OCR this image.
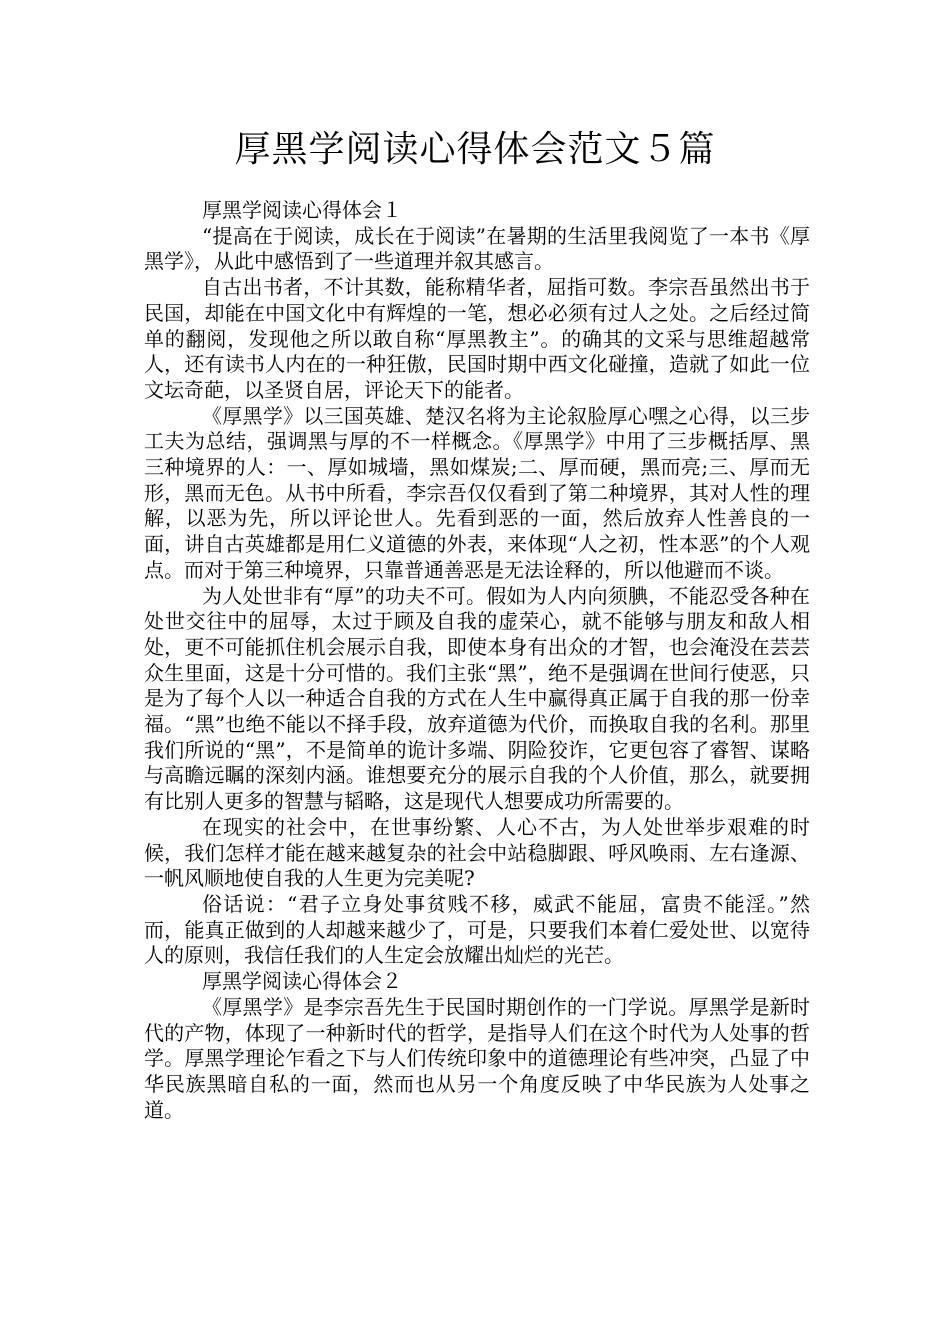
厚黑学阅读心得体会范文５篇

厚黑学阅读心得体会１

“提高在于阅读，成长在于阅读”在暑期的生活里我阅览了一本书《厚黑学》，从此中感悟到了一些道理并叙其感言。

自古出书者，不计其数，能称精华者，屈指可数。李宗吾虽然出书于民国，却能在中国文化中有辉煌的一笔，想必必须有过人之处。之后经过简单的翻阅，发现他之所以敢自称“厚黑教主”。的确其的文采与思维超越常人，还有读书人内在的一种狂傲，民国时期中西文化碰撞，造就了如此一位文坛奇葩，以圣贤自居，评论天下的能者。

《厚黑学》以三国英雄、楚汉名将为主论叙脸厚心嘿之心得，以三步工夫为总结，强调黑与厚的不一样概念。《厚黑学》中用了三步概括厚、黑三种境界的人：一、厚如城墙，黑如煤炭;二、厚而硬，黑而亮;三、厚而无形，黑而无色。从书中所看，李宗吾仅仅看到了第二种境界，其对人性的理解，以恶为先，所以评论世人。先看到恶的一面，然后放弃人性善良的一面，讲自古英雄都是用仁义道德的外表，来体现“人之初，性本恶”的个人观点。而对于第三种境界，只靠普通善恶是无法诠释的，所以他避而不谈。

为人处世非有“厚”的功夫不可。假如为人内向须腆，不能忍受各种在处世交往中的屈辱，太过于顾及自我的虚荣心，就不能够与朋友和敌人相处，更不可能抓住机会展示自我，即使本身有出众的才智，也会淹没在芸芸众生里面，这是十分可惜的。我们主张“黑”，绝不是强调在世间行使恶，只是为了每个人以一种适合自我的方式在人生中赢得真正属于自我的那一份幸福。“黑”也绝不能以不择手段，放弃道德为代价，而换取自我的名利。那里我们所说的“黑”，不是简单的诡计多端、阴险狡诈，它更包容了睿智、谋略与高瞻远瞩的深刻内涵。谁想要充分的展示自我的个人价值，那么，就要拥有比别人更多的智慧与韬略，这是现代人想要成功所需要的。

在现实的社会中，在世事纷繁、人心不古，为人处世举步艰难的时候，我们怎样才能在越来越复杂的社会中站稳脚跟、呼风唤雨、左右逢源、一帆风顺地使自我的人生更为完美呢?

俗话说：“君子立身处事贫贱不移，威武不能屈，富贵不能淫。”然而，能真正做到的人却越来越少了，可是，只要我们本着仁爱处世、以宽待人的原则，我信任我们的人生定会放耀出灿烂的光芒。

厚黑学阅读心得体会２

《厚黑学》是李宗吾先生于民国时期创作的一门学说。厚黑学是新时代的产物，体现了一种新时代的哲学，是指导人们在这个时代为人处事的哲学。厚黑学理论乍看之下与人们传统印象中的道德理论有些冲突，凸显了中华民族黑暗自私的一面，然而也从另一个角度反映了中华民族为人处事之道。
